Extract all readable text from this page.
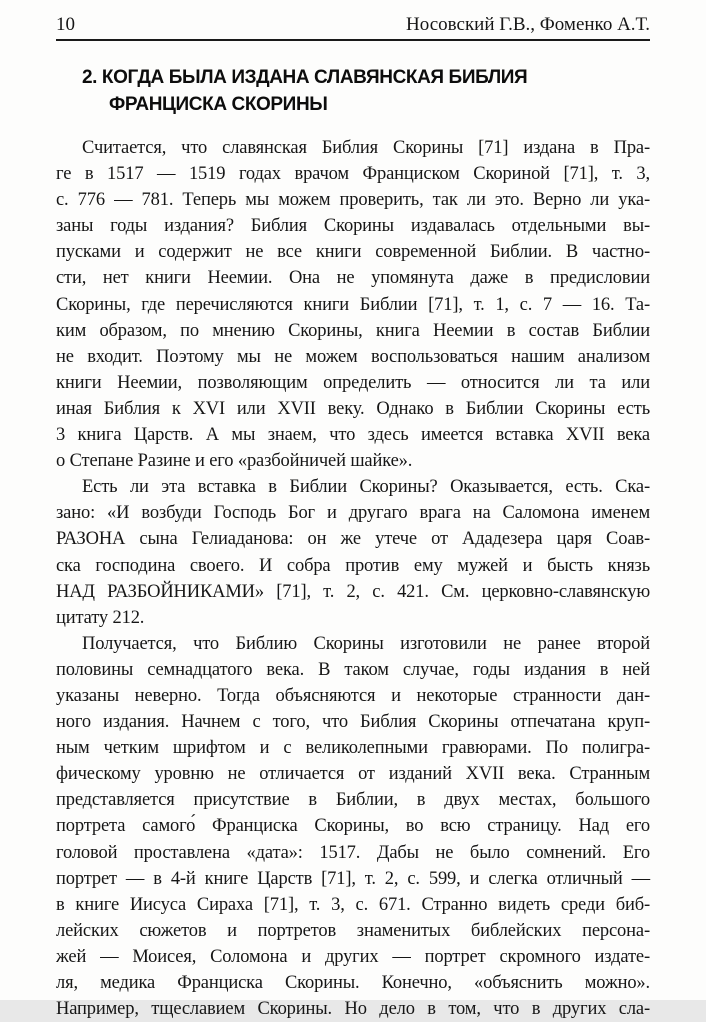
10	Носовский Г.В., Фоменко А.Т.
2. КОГДА БЫЛА ИЗДАНА СЛАВЯНСКАЯ БИБЛИЯ
ФРАНЦИСКА СКОРИНЫ
Считается, что славянская Библия Скорины [71] издана в Пра-
ге в 1517 — 1519 годах врачом Франциском Скориной [71], т. 3,
с. 776 — 781. Теперь мы можем проверить, так ли это. Верно ли ука-
заны годы издания? Библия Скорины издавалась отдельными вы-
пусками и содержит не все книги современной Библии. В частно-
сти, нет книги Неемии. Она не упомянута даже в предисловии
Скорины, где перечисляются книги Библии [71], т. 1, с. 7 — 16. Та-
ким образом, по мнению Скорины, книга Неемии в состав Библии
не входит. Поэтому мы не можем воспользоваться нашим анализом
книги Неемии, позволяющим определить — относится ли та или
иная Библия к XVI или XVII веку. Однако в Библии Скорины есть
3 книга Царств. А мы знаем, что здесь имеется вставка XVII века
о Степане Разине и его «разбойничей шайке».
Есть ли эта вставка в Библии Скорины? Оказывается, есть. Ска-
зано: «И возбуди Господь Бог и другаго врага на Саломона именем
РАЗОНА сына Гелиаданова: он же утече от Ададезера царя Соав-
ска господина своего. И собра против ему мужей и бысть князь
НАД РАЗБОЙНИКАМИ» [71], т. 2, с. 421. См. церковно-славянскую
цитату 212.
Получается, что Библию Скорины изготовили не ранее второй
половины семнадцатого века. В таком случае, годы издания в ней
указаны неверно. Тогда объясняются и некоторые странности дан-
ного издания. Начнем с того, что Библия Скорины отпечатана круп-
ным четким шрифтом и с великолепными гравюрами. По полигра-
фическому уровню не отличается от изданий XVII века. Странным
представляется присутствие в Библии, в двух местах, большого
портрета самого́ Франциска Скорины, во всю страницу. Над его
головой проставлена «дата»: 1517. Дабы не было сомнений. Его
портрет — в 4-й книге Царств [71], т. 2, с. 599, и слегка отличный —
в книге Иисуса Сираха [71], т. 3, с. 671. Странно видеть среди биб-
лейских сюжетов и портретов знаменитых библейских персона-
жей — Моисея, Соломона и других — портрет скромного издате-
ля, медика Франциска Скорины. Конечно, «объяснить можно».
Например, тщеславием Скорины. Но дело в том, что в других сла-
